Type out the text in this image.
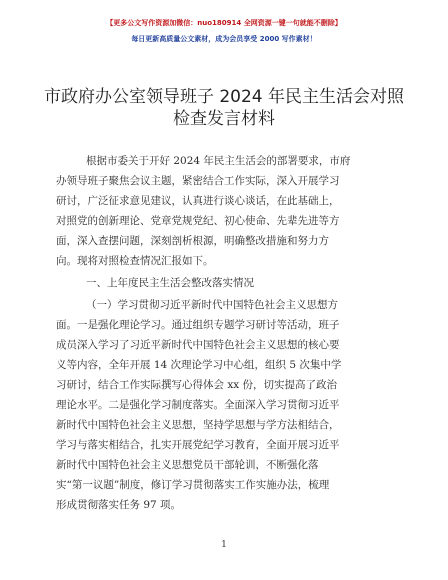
【更多公文写作资源加微信：nuo180914 全网资源一键一句就能不删除】
每日更新高质量公文素材，成为会员享受 2000 写作素材！
市政府办公室领导班子 2024 年民主生活会对照
检查发言材料
根据市委关于开好 2024 年民主生活会的部署要求，市府
办领导班子聚焦会议主题，紧密结合工作实际，深入开展学习
研讨，广泛征求意见建议，认真进行谈心谈话，在此基础上，
对照党的创新理论、党章党规党纪、初心使命、先辈先进等方
面，深入查摆问题，深刻剖析根源，明确整改措施和努力方
向。现将对照检查情况汇报如下。
一、上年度民主生活会整改落实情况
（一）学习贯彻习近平新时代中国特色社会主义思想方
面。一是强化理论学习。通过组织专题学习研讨等活动，班子
成员深入学习了习近平新时代中国特色社会主义思想的核心要
义等内容，全年开展 14 次理论学习中心组，组织 5 次集中学
习研讨，结合工作实际撰写心得体会 xx 份，切实提高了政治
理论水平。二是强化学习制度落实。全面深入学习贯彻习近平
新时代中国特色社会主义思想，坚持学思想与学方法相结合，
学习与落实相结合，扎实开展党纪学习教育，全面开展习近平
新时代中国特色社会主义思想党员干部轮训，不断强化落
实“第一议题”制度，修订学习贯彻落实工作实施办法，梳理
形成贯彻落实任务 97 项。
1
